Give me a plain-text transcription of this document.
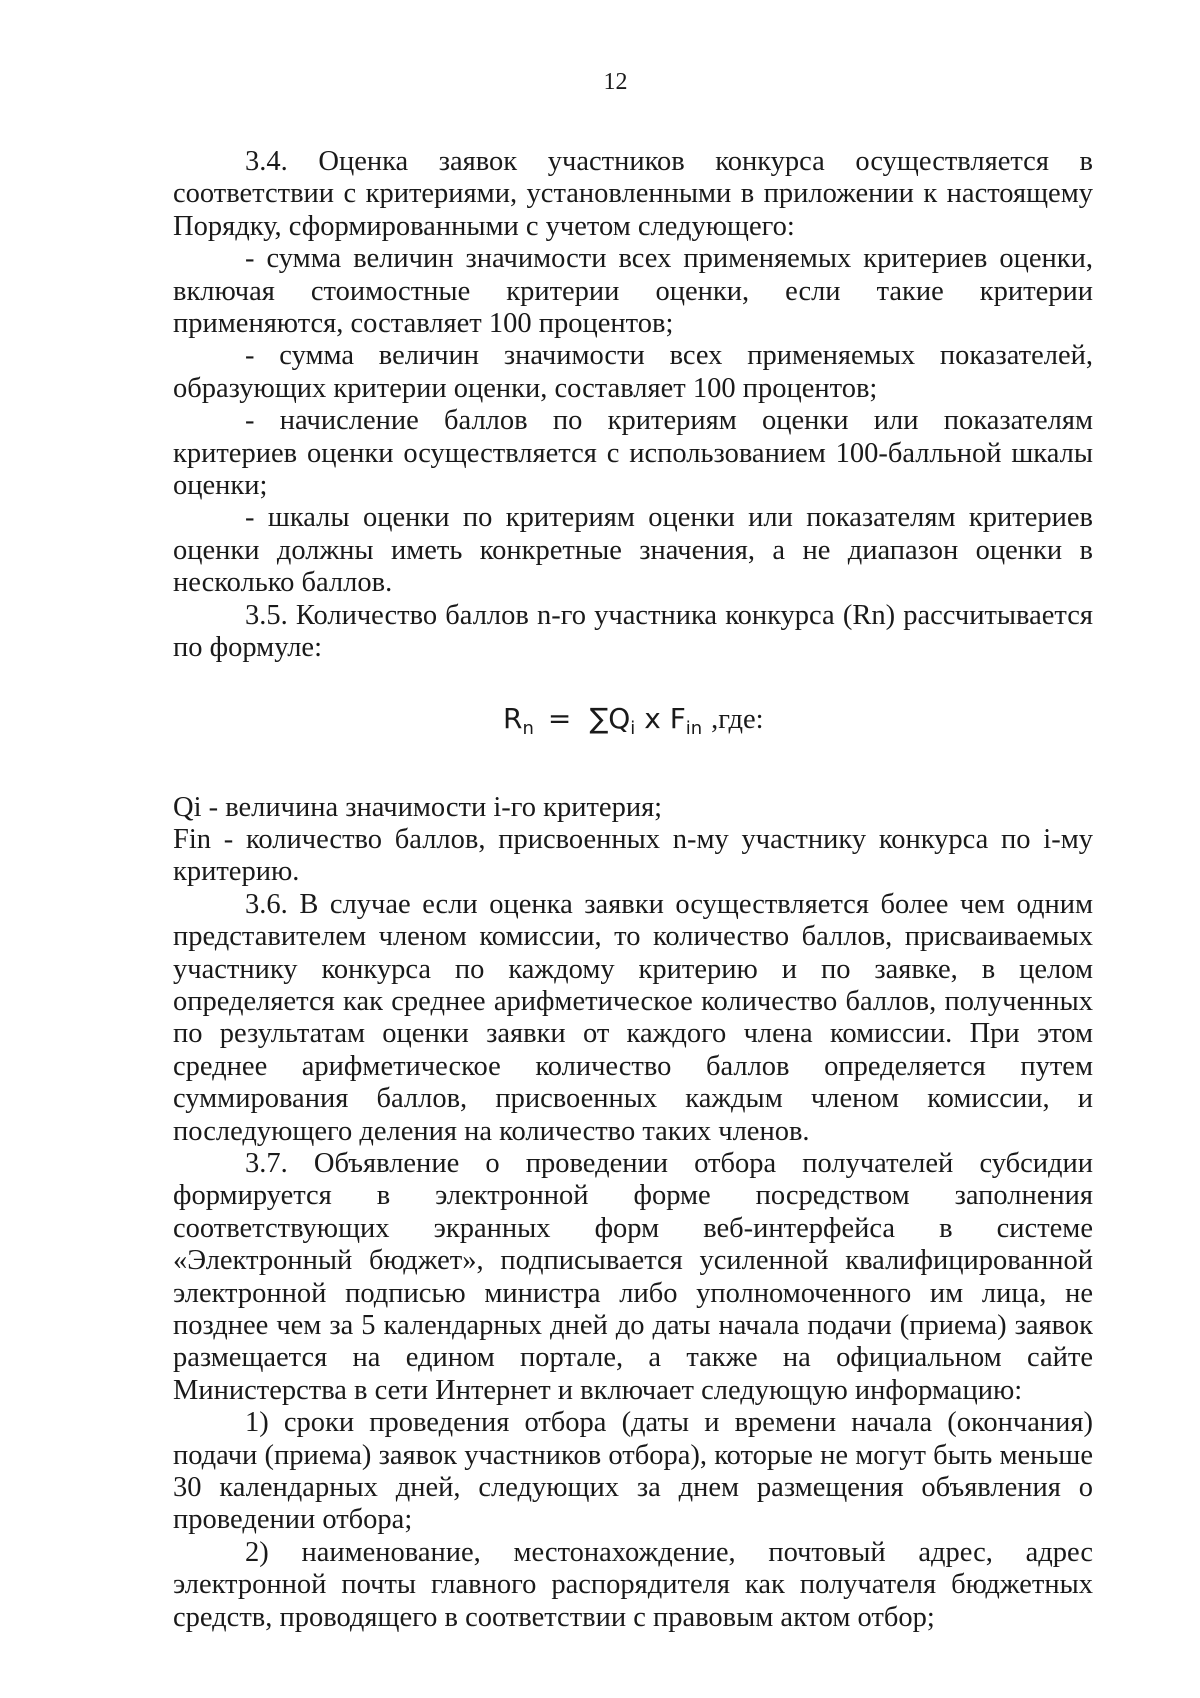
12

3.4. Оценка заявок участников конкурса осуществляется в соответствии с критериями, установленными в приложении к настоящему Порядку, сформированными с учетом следующего:

- сумма величин значимости всех применяемых критериев оценки, включая стоимостные критерии оценки, если такие критерии применяются, составляет 100 процентов;

- сумма величин значимости всех применяемых показателей, образующих критерии оценки, составляет 100 процентов;

- начисление баллов по критериям оценки или показателям критериев оценки осуществляется с использованием 100-балльной шкалы оценки;

- шкалы оценки по критериям оценки или показателям критериев оценки должны иметь конкретные значения, а не диапазон оценки в несколько баллов.

3.5. Количество баллов n-го участника конкурса (Rn) рассчитывается по формуле:

$R_n = \sum Q_i$ x $F_{in}$ ,где:

Qi - величина значимости i-го критерия;

Fin - количество баллов, присвоенных n-му участнику конкурса по i-му критерию.

3.6. В случае если оценка заявки осуществляется более чем одним представителем членом комиссии, то количество баллов, присваиваемых участнику конкурса по каждому критерию и по заявке, в целом определяется как среднее арифметическое количество баллов, полученных по результатам оценки заявки от каждого члена комиссии. При этом среднее арифметическое количество баллов определяется путем суммирования баллов, присвоенных каждым членом комиссии, и последующего деления на количество таких членов.

3.7. Объявление о проведении отбора получателей субсидии формируется в электронной форме посредством заполнения соответствующих экранных форм веб-интерфейса в системе «Электронный бюджет», подписывается усиленной квалифицированной электронной подписью министра либо уполномоченного им лица, не позднее чем за 5 календарных дней до даты начала подачи (приема) заявок размещается на едином портале, а также на официальном сайте Министерства в сети Интернет и включает следующую информацию:

1) сроки проведения отбора (даты и времени начала (окончания) подачи (приема) заявок участников отбора), которые не могут быть меньше 30 календарных дней, следующих за днем размещения объявления о проведении отбора;

2) наименование, местонахождение, почтовый адрес, адрес электронной почты главного распорядителя как получателя бюджетных средств, проводящего в соответствии с правовым актом отбор;
